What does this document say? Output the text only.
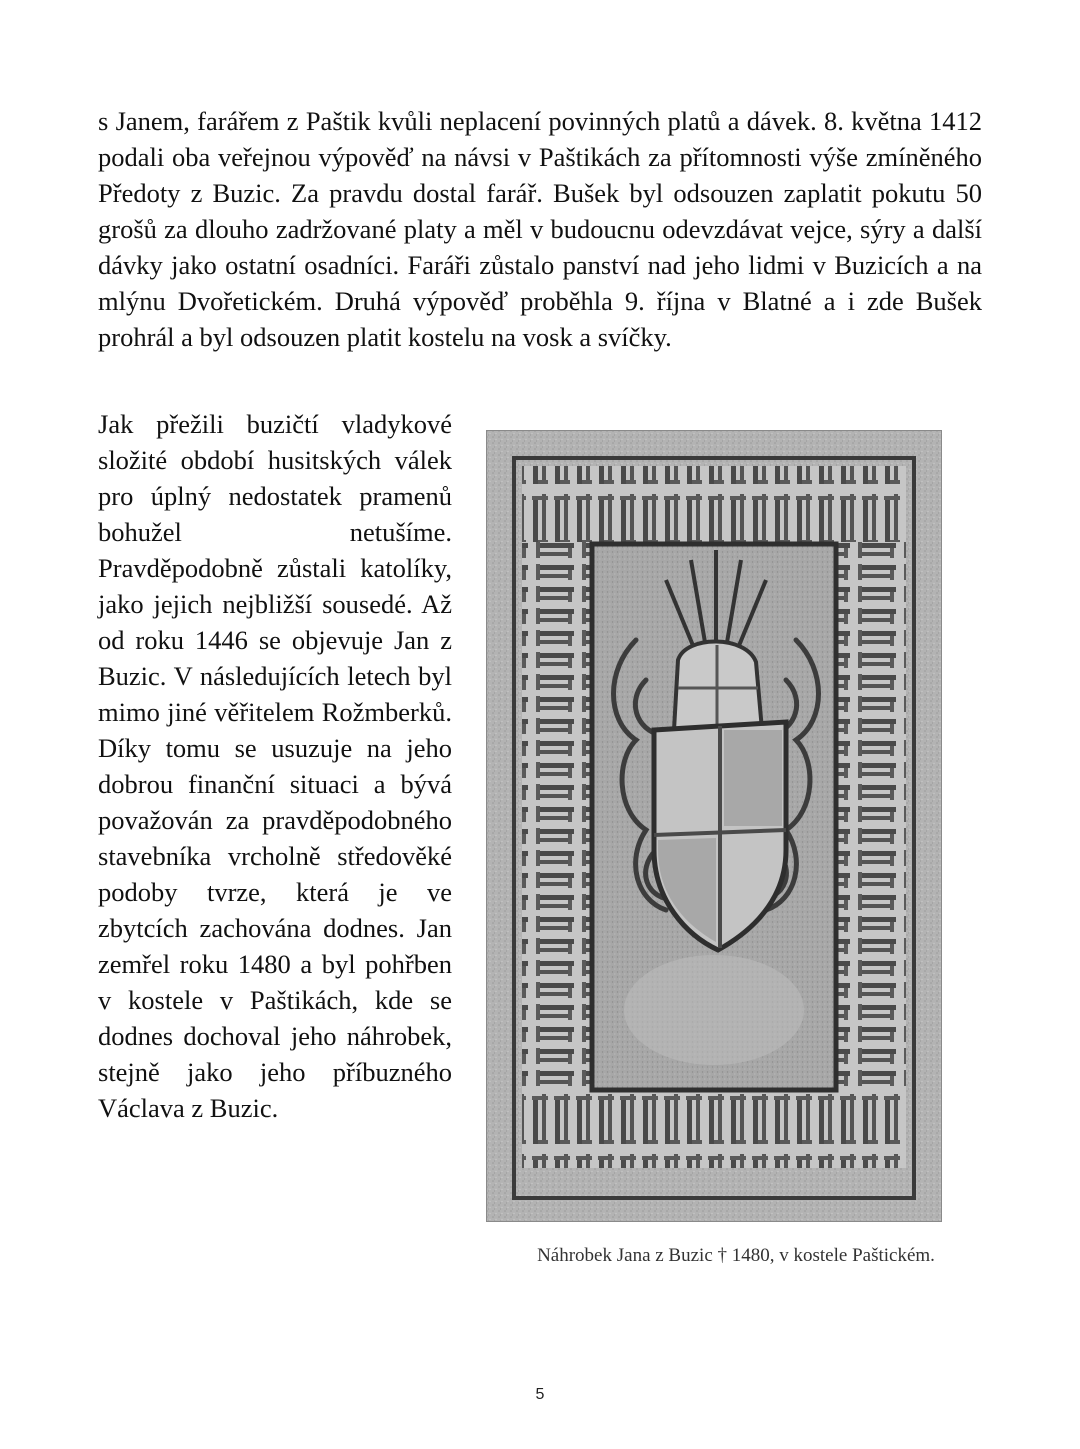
s Janem, farářem z Paštik kvůli neplacení povinných platů a dávek. 8. května 1412 podali oba veřejnou výpověď na návsi v Paštikách za přítomnosti výše zmíněného Předoty z Buzic. Za pravdu dostal farář. Bušek byl odsouzen zaplatit pokutu 50 grošů za dlouho zadržované platy a měl v budoucnu odevzdávat vejce, sýry a další dávky jako ostatní osadníci. Faráři zůstalo panství nad jeho lidmi v Buzicích a na mlýnu Dvořetickém. Druhá výpověď proběhla 9. října v Blatné a i zde Bušek prohrál a byl odsouzen platit kostelu na vosk a svíčky.

Jak přežili buzičtí vladykové složité období husitských válek pro úplný nedostatek pramenů bohužel netušíme. Pravděpodobně zůstali katolíky, jako jejich nejbližší sousedé. Až od roku 1446 se objevuje Jan z Buzic. V následujících letech byl mimo jiné věřitelem Rožmberků. Díky tomu se usuzuje na jeho dobrou finanční situaci a bývá považován za pravděpodobného stavebníka vrcholně středověké podoby tvrze, která je ve zbytcích zachována dodnes. Jan zemřel roku 1480 a byl pohřben v kostele v Paštikách, kde se dodnes dochoval jeho náhrobek, stejně jako jeho příbuzného Václava z Buzic.

Náhrobek Jana z Buzic † 1480, v kostele Paštickém.

5
